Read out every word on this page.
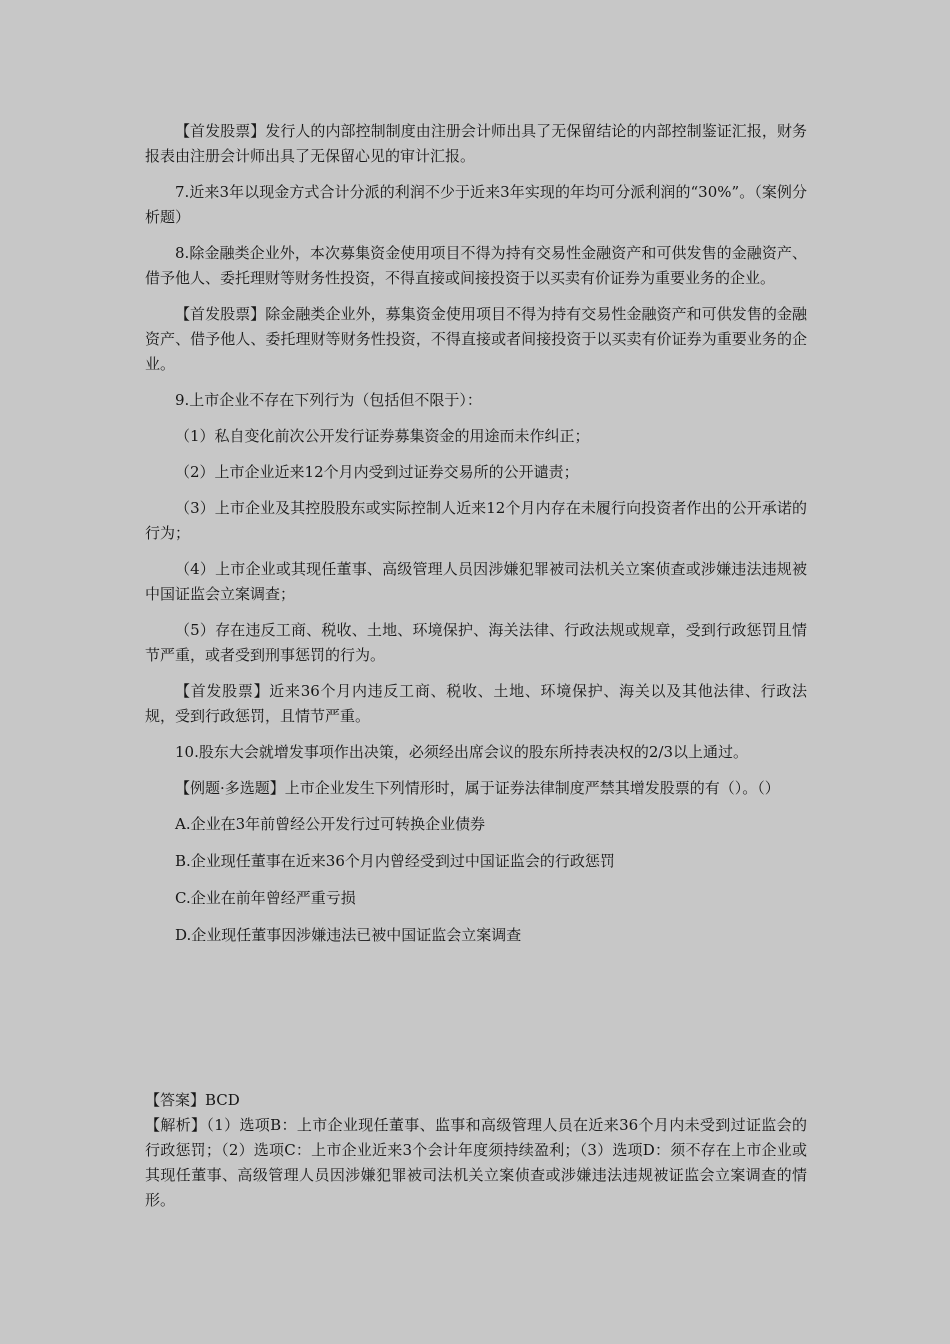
【首发股票】发行人的内部控制制度由注册会计师出具了无保留结论的内部控制鉴证汇报，财务报表由注册会计师出具了无保留心见的审计汇报。

7.近来3年以现金方式合计分派的利润不少于近来3年实现的年均可分派利润的“30%”。（案例分析题）

8.除金融类企业外，本次募集资金使用项目不得为持有交易性金融资产和可供发售的金融资产、借予他人、委托理财等财务性投资，不得直接或间接投资于以买卖有价证券为重要业务的企业。

【首发股票】除金融类企业外，募集资金使用项目不得为持有交易性金融资产和可供发售的金融资产、借予他人、委托理财等财务性投资，不得直接或者间接投资于以买卖有价证券为重要业务的企业。

9.上市企业不存在下列行为（包括但不限于）：

（1）私自变化前次公开发行证券募集资金的用途而未作纠正；

（2）上市企业近来12个月内受到过证券交易所的公开谴责；

（3）上市企业及其控股股东或实际控制人近来12个月内存在未履行向投资者作出的公开承诺的行为；

（4）上市企业或其现任董事、高级管理人员因涉嫌犯罪被司法机关立案侦查或涉嫌违法违规被中国证监会立案调查；

（5）存在违反工商、税收、土地、环境保护、海关法律、行政法规或规章，受到行政惩罚且情节严重，或者受到刑事惩罚的行为。

【首发股票】近来36个月内违反工商、税收、土地、环境保护、海关以及其他法律、行政法规，受到行政惩罚，且情节严重。

10.股东大会就增发事项作出决策，必须经出席会议的股东所持表决权的2/3以上通过。

【例题·多选题】上市企业发生下列情形时，属于证券法律制度严禁其增发股票的有（）。（）

A.企业在3年前曾经公开发行过可转换企业债券

B.企业现任董事在近来36个月内曾经受到过中国证监会的行政惩罚

C.企业在前年曾经严重亏损

D.企业现任董事因涉嫌违法已被中国证监会立案调查

【答案】BCD

【解析】（1）选项B：上市企业现任董事、监事和高级管理人员在近来36个月内未受到过证监会的行政惩罚；（2）选项C：上市企业近来3个会计年度须持续盈利；（3）选项D：须不存在上市企业或其现任董事、高级管理人员因涉嫌犯罪被司法机关立案侦查或涉嫌违法违规被证监会立案调查的情形。
